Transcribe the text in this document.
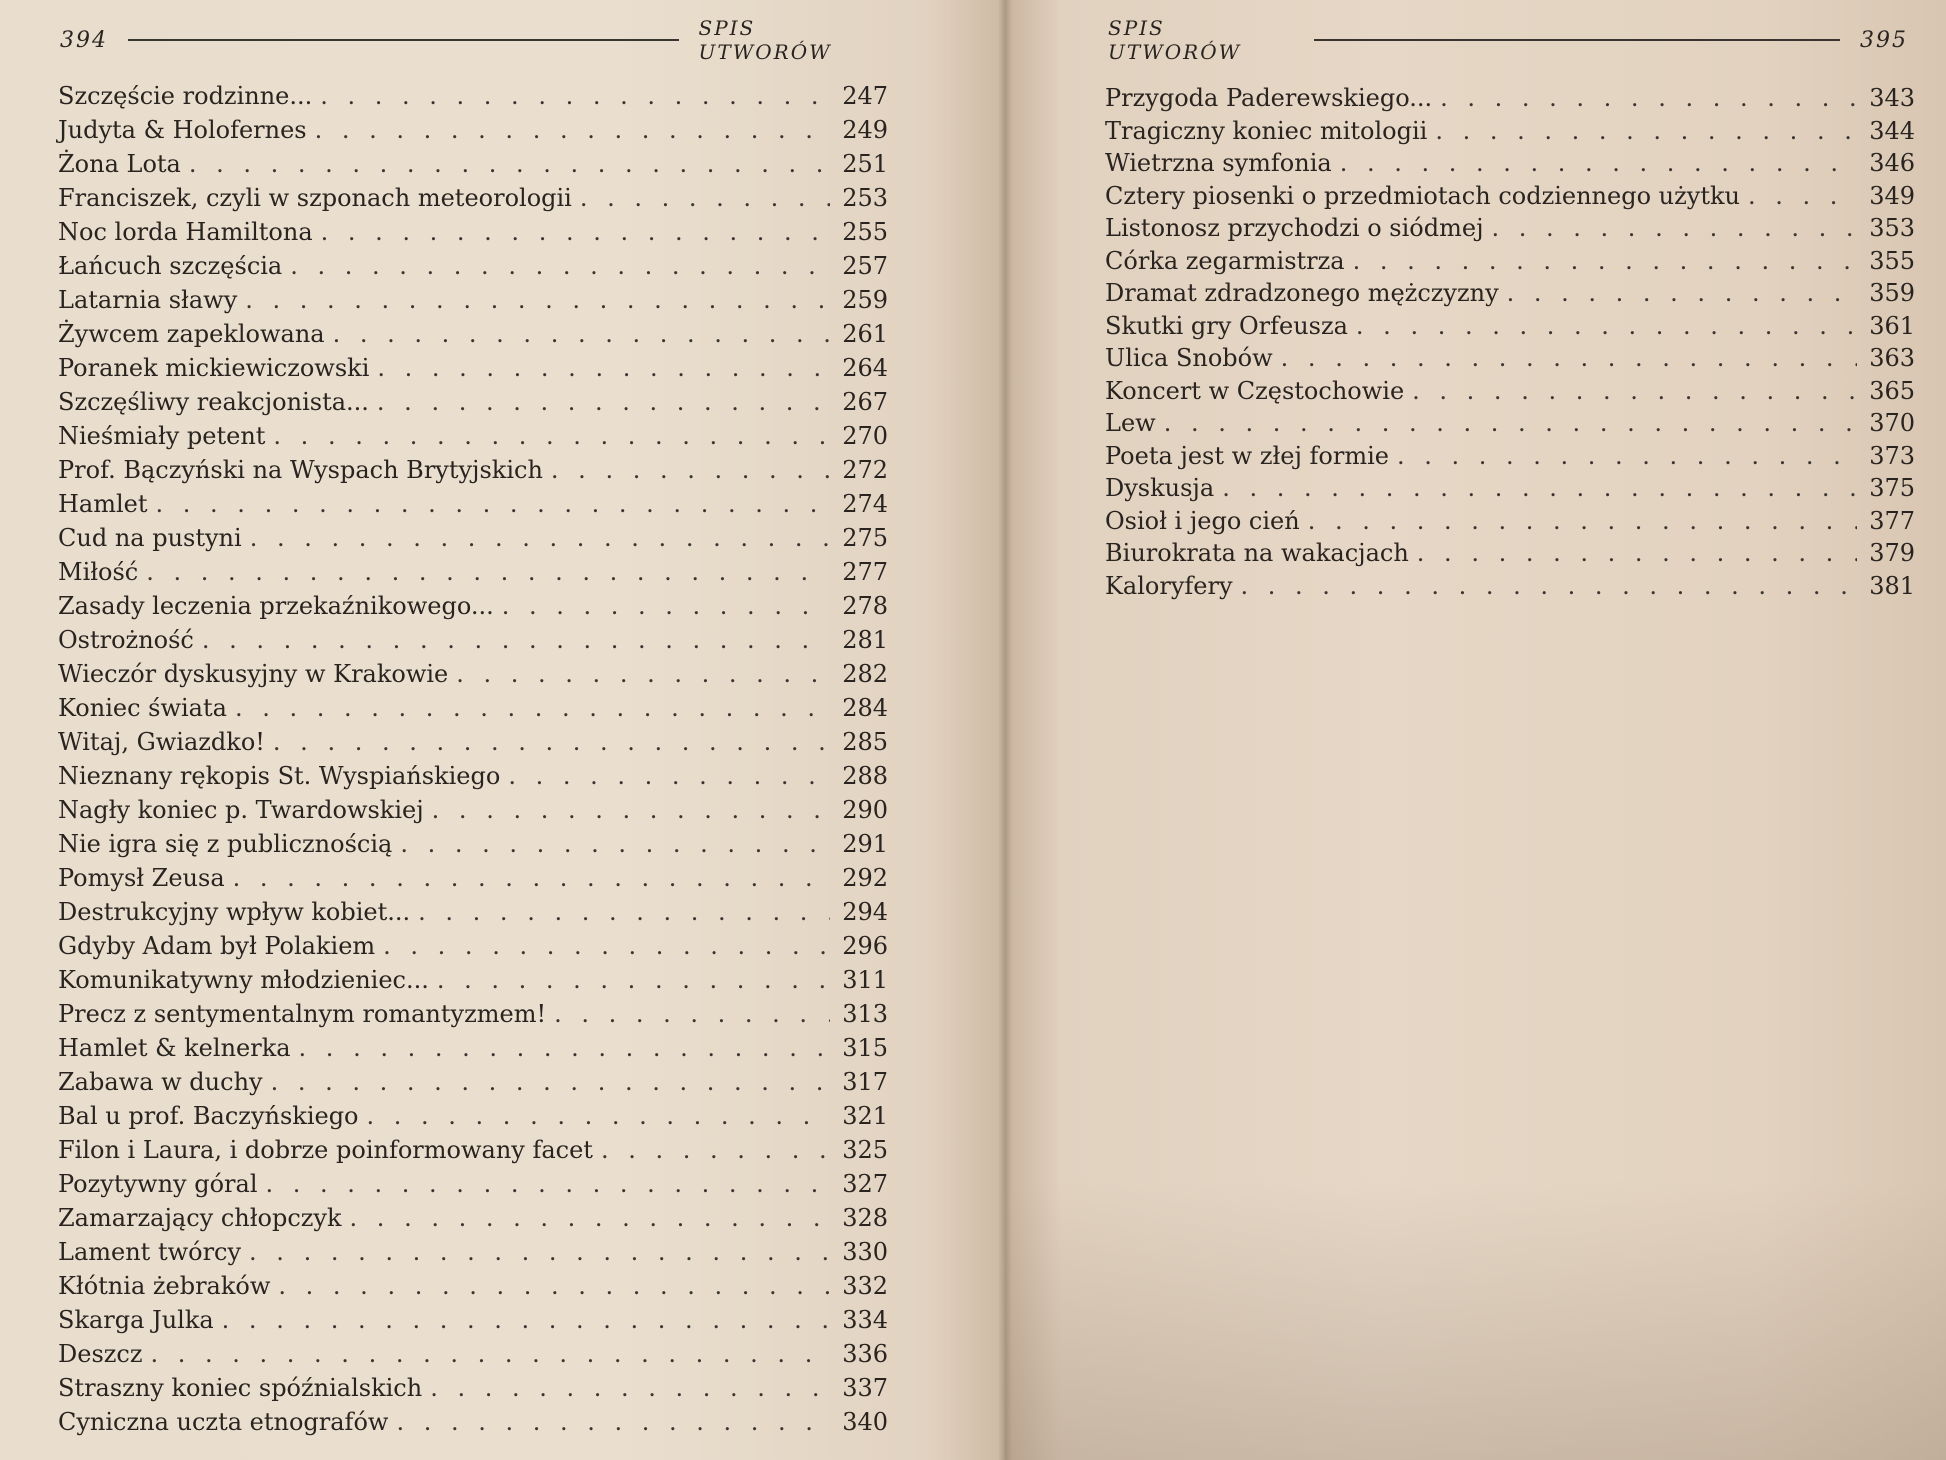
394	SPIS UTWORÓW
SPIS UTWORÓW	395
Szczęście rodzinne... . . .	247
Judyta & Holofernes . . .	249
Żona Lota . . .	251
Franciszek, czyli w szponach meteorologii . . .	253
Noc lorda Hamiltona . . .	255
Łańcuch szczęścia . . .	257
Latarnia sławy . . .	259
Żywcem zapeklowana . . .	261
Poranek mickiewiczowski . . .	264
Szczęśliwy reakcjonista... . . .	267
Nieśmiały petent . . .	270
Prof. Bączyński na Wyspach Brytyjskich . . .	272
Hamlet . . .	274
Cud na pustyni . . .	275
Miłość . . .	277
Zasady leczenia przekaźnikowego... . . .	278
Ostrożność . . .	281
Wieczór dyskusyjny w Krakowie . . .	282
Koniec świata . . .	284
Witaj, Gwiazdko! . . .	285
Nieznany rękopis St. Wyspiańskiego . . .	288
Nagły koniec p. Twardowskiej . . .	290
Nie igra się z publicznością . . .	291
Pomysł Zeusa . . .	292
Destrukcyjny wpływ kobiet... . . .	294
Gdyby Adam był Polakiem . . .	296
Komunikatywny młodzieniec... . . .	311
Precz z sentymentalnym romantyzmem! . . .	313
Hamlet & kelnerka . . .	315
Zabawa w duchy . . .	317
Bal u prof. Baczyńskiego . . .	321
Filon i Laura, i dobrze poinformowany facet . . .	325
Pozytywny góral . . .	327
Zamarzający chłopczyk . . .	328
Lament twórcy . . .	330
Kłótnia żebraków . . .	332
Skarga Julka . . .	334
Deszcz . . .	336
Straszny koniec spóźnialskich . . .	337
Cyniczna uczta etnografów . . .	340
Przygoda Paderewskiego... . . .	343
Tragiczny koniec mitologii . . .	344
Wietrzna symfonia . . .	346
Cztery piosenki o przedmiotach codziennego użytku . . .	349
Listonosz przychodzi o siódmej . . .	353
Córka zegarmistrza . . .	355
Dramat zdradzonego mężczyzny . . .	359
Skutki gry Orfeusza . . .	361
Ulica Snobów . . .	363
Koncert w Częstochowie . . .	365
Lew . . .	370
Poeta jest w złej formie . . .	373
Dyskusja . . .	375
Osioł i jego cień . . .	377
Biurokrata na wakacjach . . .	379
Kaloryfery . . .	381
